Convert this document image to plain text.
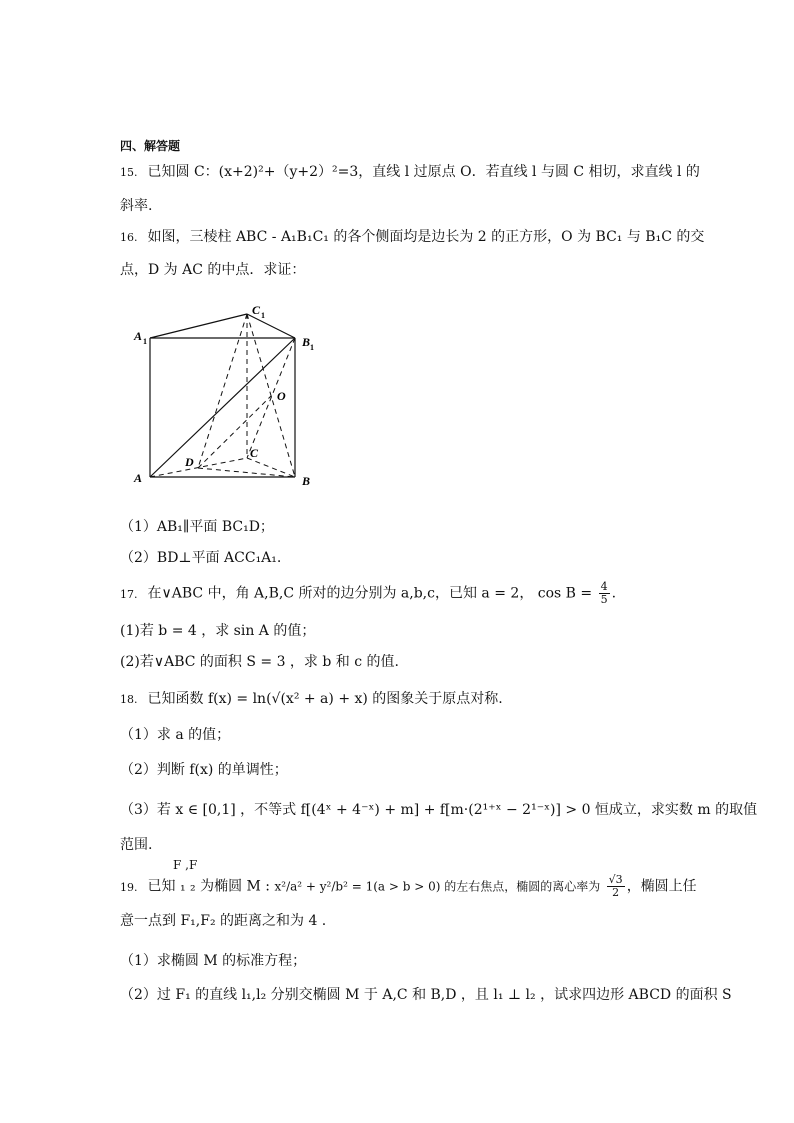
四、解答题
15. 已知圆 C：(x+2)²+（y+2）²=3，直线 l 过原点 O．若直线 l 与圆 C 相切，求直线 l 的
斜率.
16. 如图，三棱柱 ABC - A₁B₁C₁ 的各个侧面均是边长为 2 的正方形，O 为 BC₁ 与 B₁C 的交
点，D 为 AC 的中点．求证：
A 1
C 1
B 1
O
C
D
A	B
（1）AB₁∥平面 BC₁D；
（2）BD⊥平面 ACC₁A₁.
17. 在∨ABC 中，角 A,B,C 所对的边分别为 a,b,c，已知 a = 2， $\cos B = \frac{4}{5}$ .
(1)若 b = 4 ，求 sin A 的值；
(2)若∨ABC 的面积 S = 3 ，求 b 和 c 的值.
18. 已知函数 f(x) = ln(√(x² + a) + x) 的图象关于原点对称.
（1）求 a 的值；
（2）判断 f(x) 的单调性；
（3）若 x ∈ [0,1] ，不等式 f[(4ˣ + 4⁻ˣ) + m] + f[m·(2¹⁺ˣ − 2¹⁻ˣ)] > 0 恒成立，求实数 m 的取值
范围.
F ,F
19. 已知 ₁ ₂ 为椭圆 M : x²/a² + y²/b² = 1(a > b > 0) 的左右焦点，椭圆的离心率为 $\frac{√3}{2}$ ，椭圆上任
意一点到 F₁,F₂ 的距离之和为 4 .
（1）求椭圆 M 的标准方程；
（2）过 F₁ 的直线 l₁,l₂ 分别交椭圆 M 于 A,C 和 B,D ，且 l₁ ⊥ l₂ ，试求四边形 ABCD 的面积 S
